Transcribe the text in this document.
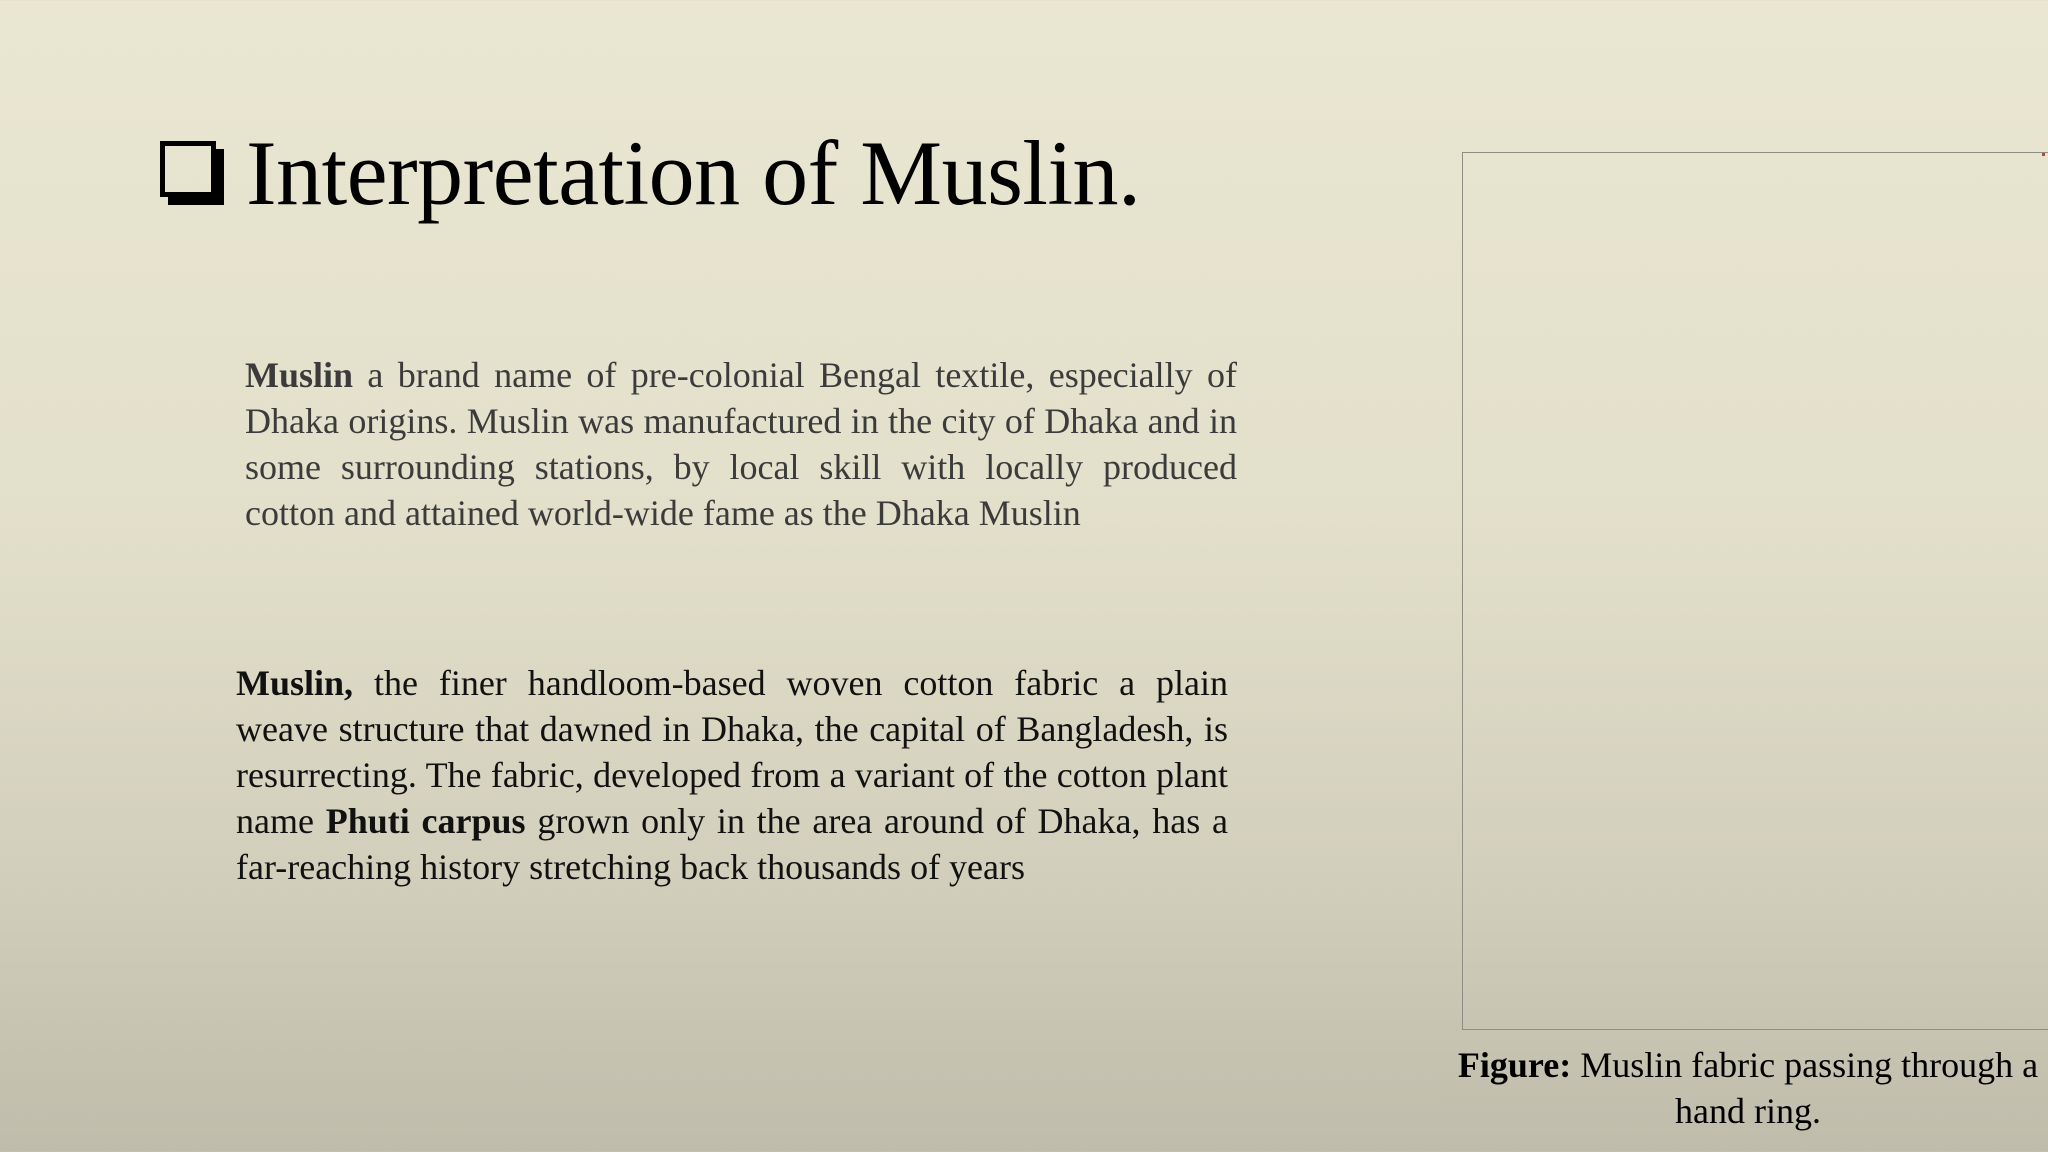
Interpretation of Muslin.

Muslin a brand name of pre-colonial Bengal textile, especially of Dhaka origins. Muslin was manufactured in the city of Dhaka and in some surrounding stations, by local skill with locally produced cotton and attained world-wide fame as the Dhaka Muslin

Muslin, the finer handloom-based woven cotton fabric a plain weave structure that dawned in Dhaka, the capital of Bangladesh, is resurrecting. The fabric, developed from a variant of the cotton plant name Phuti carpus grown only in the area around of Dhaka, has a far-reaching history stretching back thousands of years

Figure: Muslin fabric passing through a hand ring.
